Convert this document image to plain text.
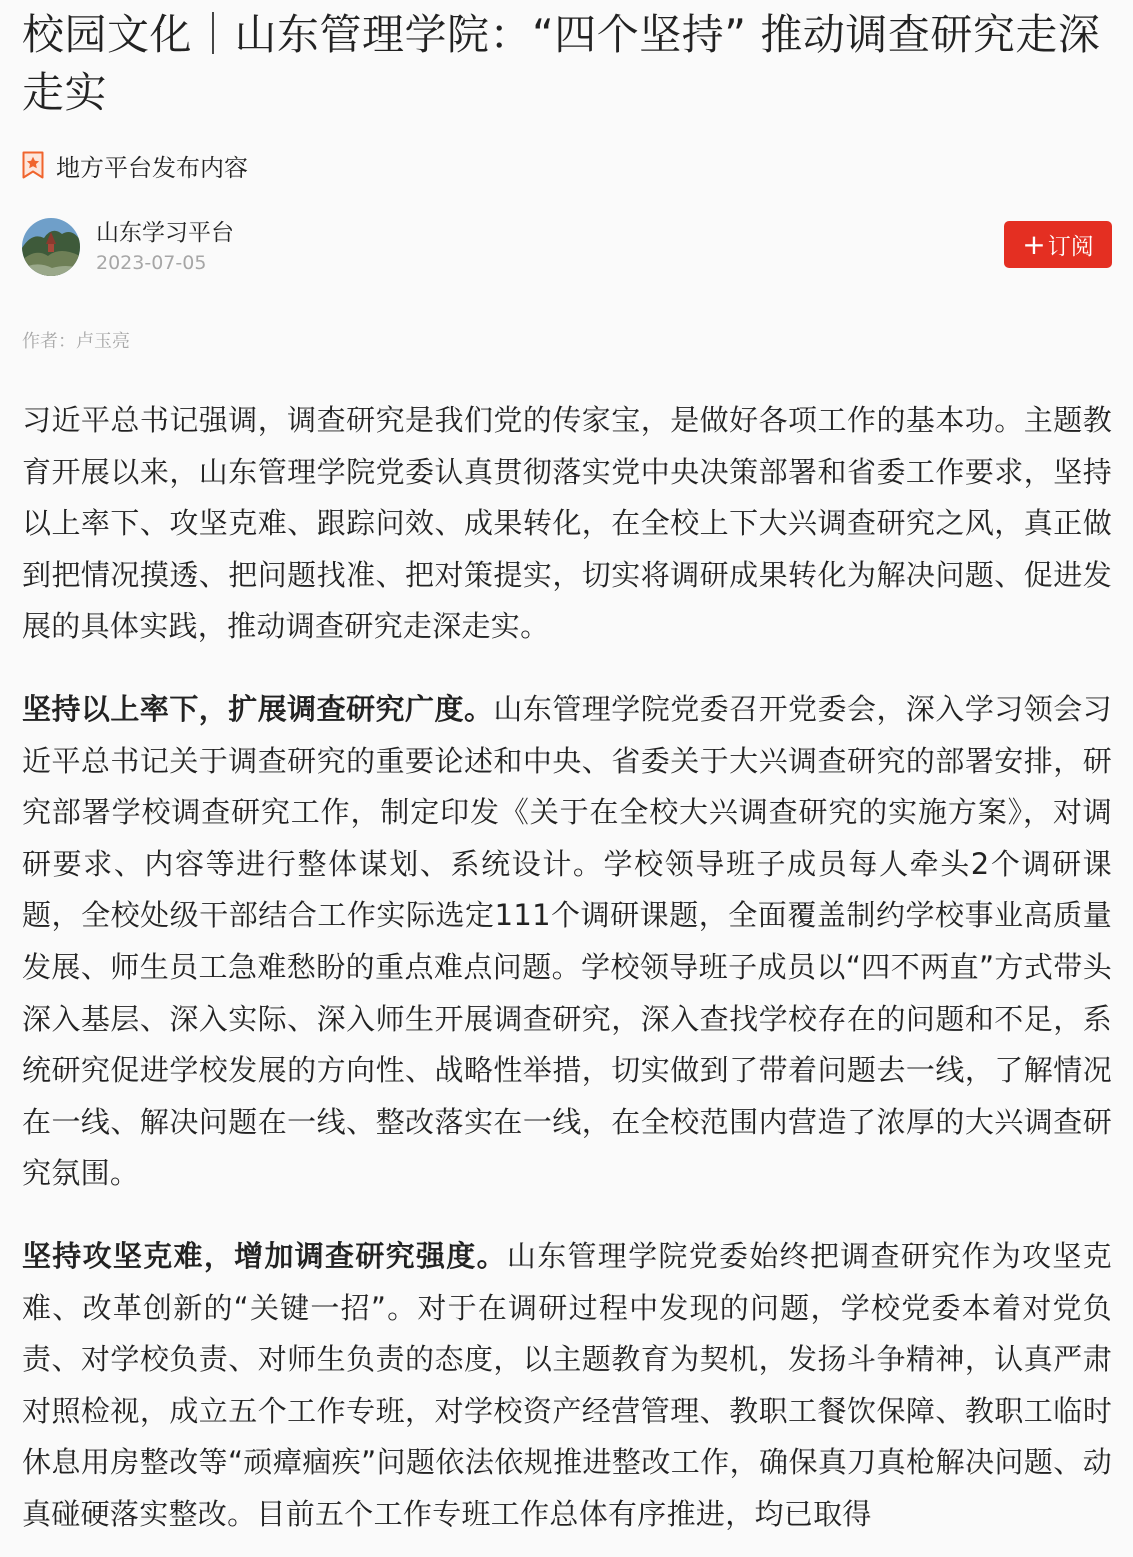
校园文化｜山东管理学院：“四个坚持” 推动调查研究走深走实
地方平台发布内容
山东学习平台
2023-07-05
+ 订阅
作者：卢玉亮

习近平总书记强调，调查研究是我们党的传家宝，是做好各项工作的基本功。主题教育开展以来，山东管理学院党委认真贯彻落实党中央决策部署和省委工作要求，坚持以上率下、攻坚克难、跟踪问效、成果转化，在全校上下大兴调查研究之风，真正做到把情况摸透、把问题找准、把对策提实，切实将调研成果转化为解决问题、促进发展的具体实践，推动调查研究走深走实。

坚持以上率下，扩展调查研究广度。山东管理学院党委召开党委会，深入学习领会习近平总书记关于调查研究的重要论述和中央、省委关于大兴调查研究的部署安排，研究部署学校调查研究工作，制定印发《关于在全校大兴调查研究的实施方案》，对调研要求、内容等进行整体谋划、系统设计。学校领导班子成员每人牵头2个调研课题，全校处级干部结合工作实际选定111个调研课题，全面覆盖制约学校事业高质量发展、师生员工急难愁盼的重点难点问题。学校领导班子成员以“四不两直”方式带头深入基层、深入实际、深入师生开展调查研究，深入查找学校存在的问题和不足，系统研究促进学校发展的方向性、战略性举措，切实做到了带着问题去一线，了解情况在一线、解决问题在一线、整改落实在一线，在全校范围内营造了浓厚的大兴调查研究氛围。

坚持攻坚克难，增加调查研究强度。山东管理学院党委始终把调查研究作为攻坚克难、改革创新的“关键一招”。对于在调研过程中发现的问题，学校党委本着对党负责、对学校负责、对师生负责的态度，以主题教育为契机，发扬斗争精神，认真严肃对照检视，成立五个工作专班，对学校资产经营管理、教职工餐饮保障、教职工临时休息用房整改等“顽瘴痼疾”问题依法依规推进整改工作，确保真刀真枪解决问题、动真碰硬落实整改。目前五个工作专班工作总体有序推进，均已取得
